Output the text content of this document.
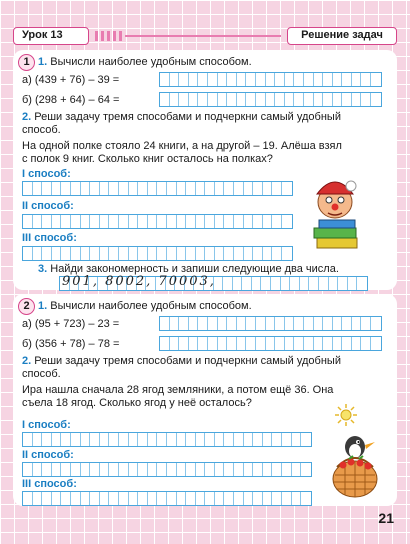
Урок 13	Решение задач
1 1. Вычисли наиболее удобным способом.
а) (439 + 76) – 39 =
б) (298 + 64) – 64 =
2. Реши задачу тремя способами и подчеркни самый удобный
способ.
На одной полке стояло 24 книги, а на другой – 19. Алёша взял
с полок 9 книг. Сколько книг осталось на полках?
I способ:
II способ:
III способ:
3. Найди закономерность и запиши следующие два числа.
901, 8002, 70003,
2 1. Вычисли наиболее удобным способом.
а) (95 + 723) – 23 =
б) (356 + 78) – 78 =
2. Реши задачу тремя способами и подчеркни самый удобный
способ.
Ира нашла сначала 28 ягод земляники, а потом ещё 36. Она
съела 18 ягод. Сколько ягод у неё осталось?
I способ:
II способ:
III способ:
21
